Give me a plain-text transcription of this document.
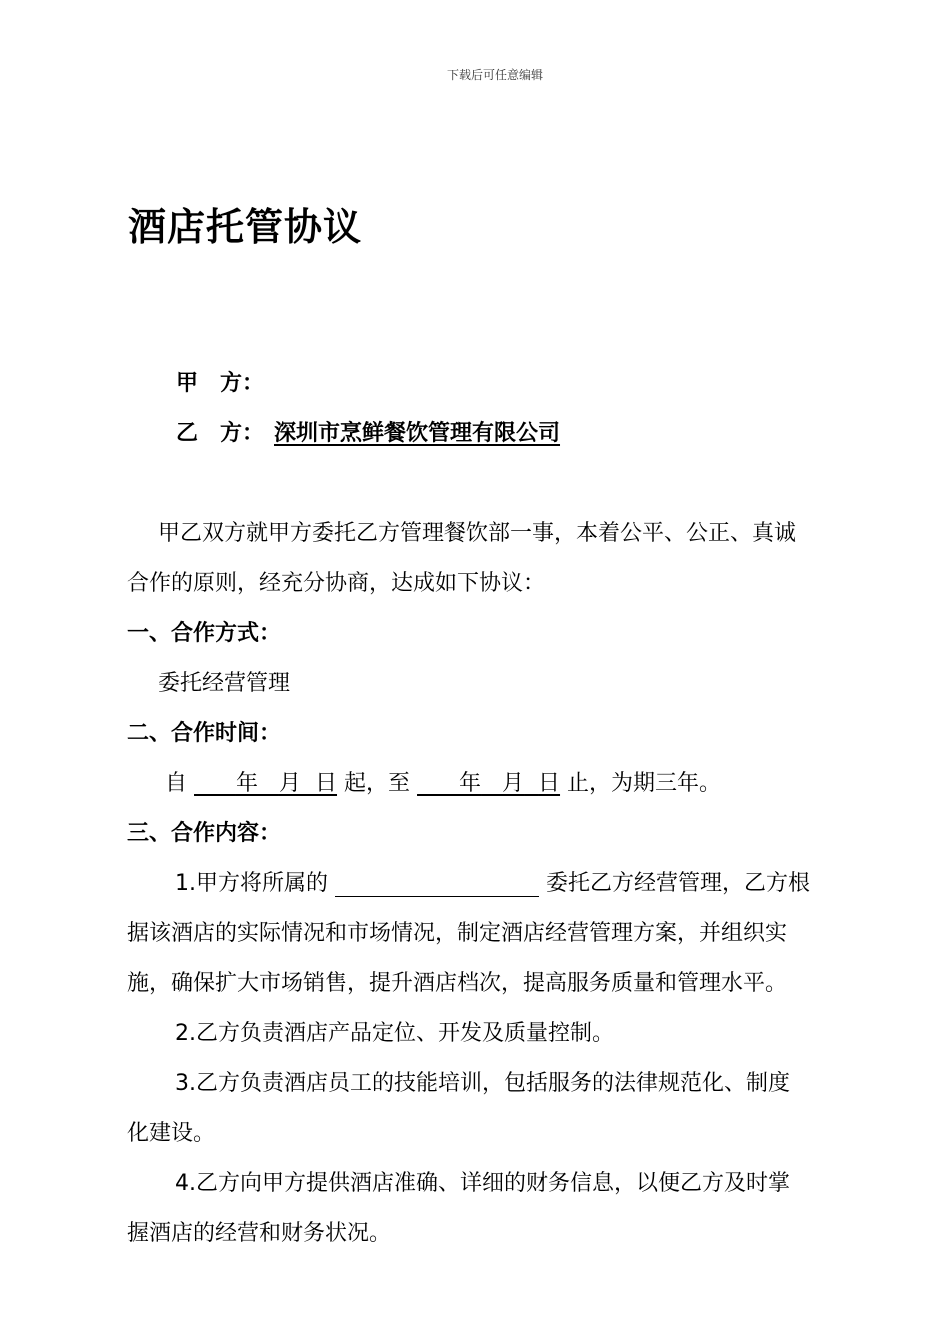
下载后可任意编辑
酒店托管协议
甲　方：
乙　方： 深圳市烹鲜餐饮管理有限公司
甲乙双方就甲方委托乙方管理餐饮部一事，本着公平、公正、真诚
合作的原则，经充分协商，达成如下协议：
一、合作方式：
委托经营管理
二、合作时间：
自 年 月 日 起，至 年 月 日 止，为期三年。
三、合作内容：
1.甲方将所属的	委托乙方经营管理，乙方根
据该酒店的实际情况和市场情况，制定酒店经营管理方案，并组织实
施，确保扩大市场销售，提升酒店档次，提高服务质量和管理水平。
2.乙方负责酒店产品定位、开发及质量控制。
3.乙方负责酒店员工的技能培训，包括服务的法律规范化、制度
化建设。
4.乙方向甲方提供酒店准确、详细的财务信息，以便乙方及时掌
握酒店的经营和财务状况。
